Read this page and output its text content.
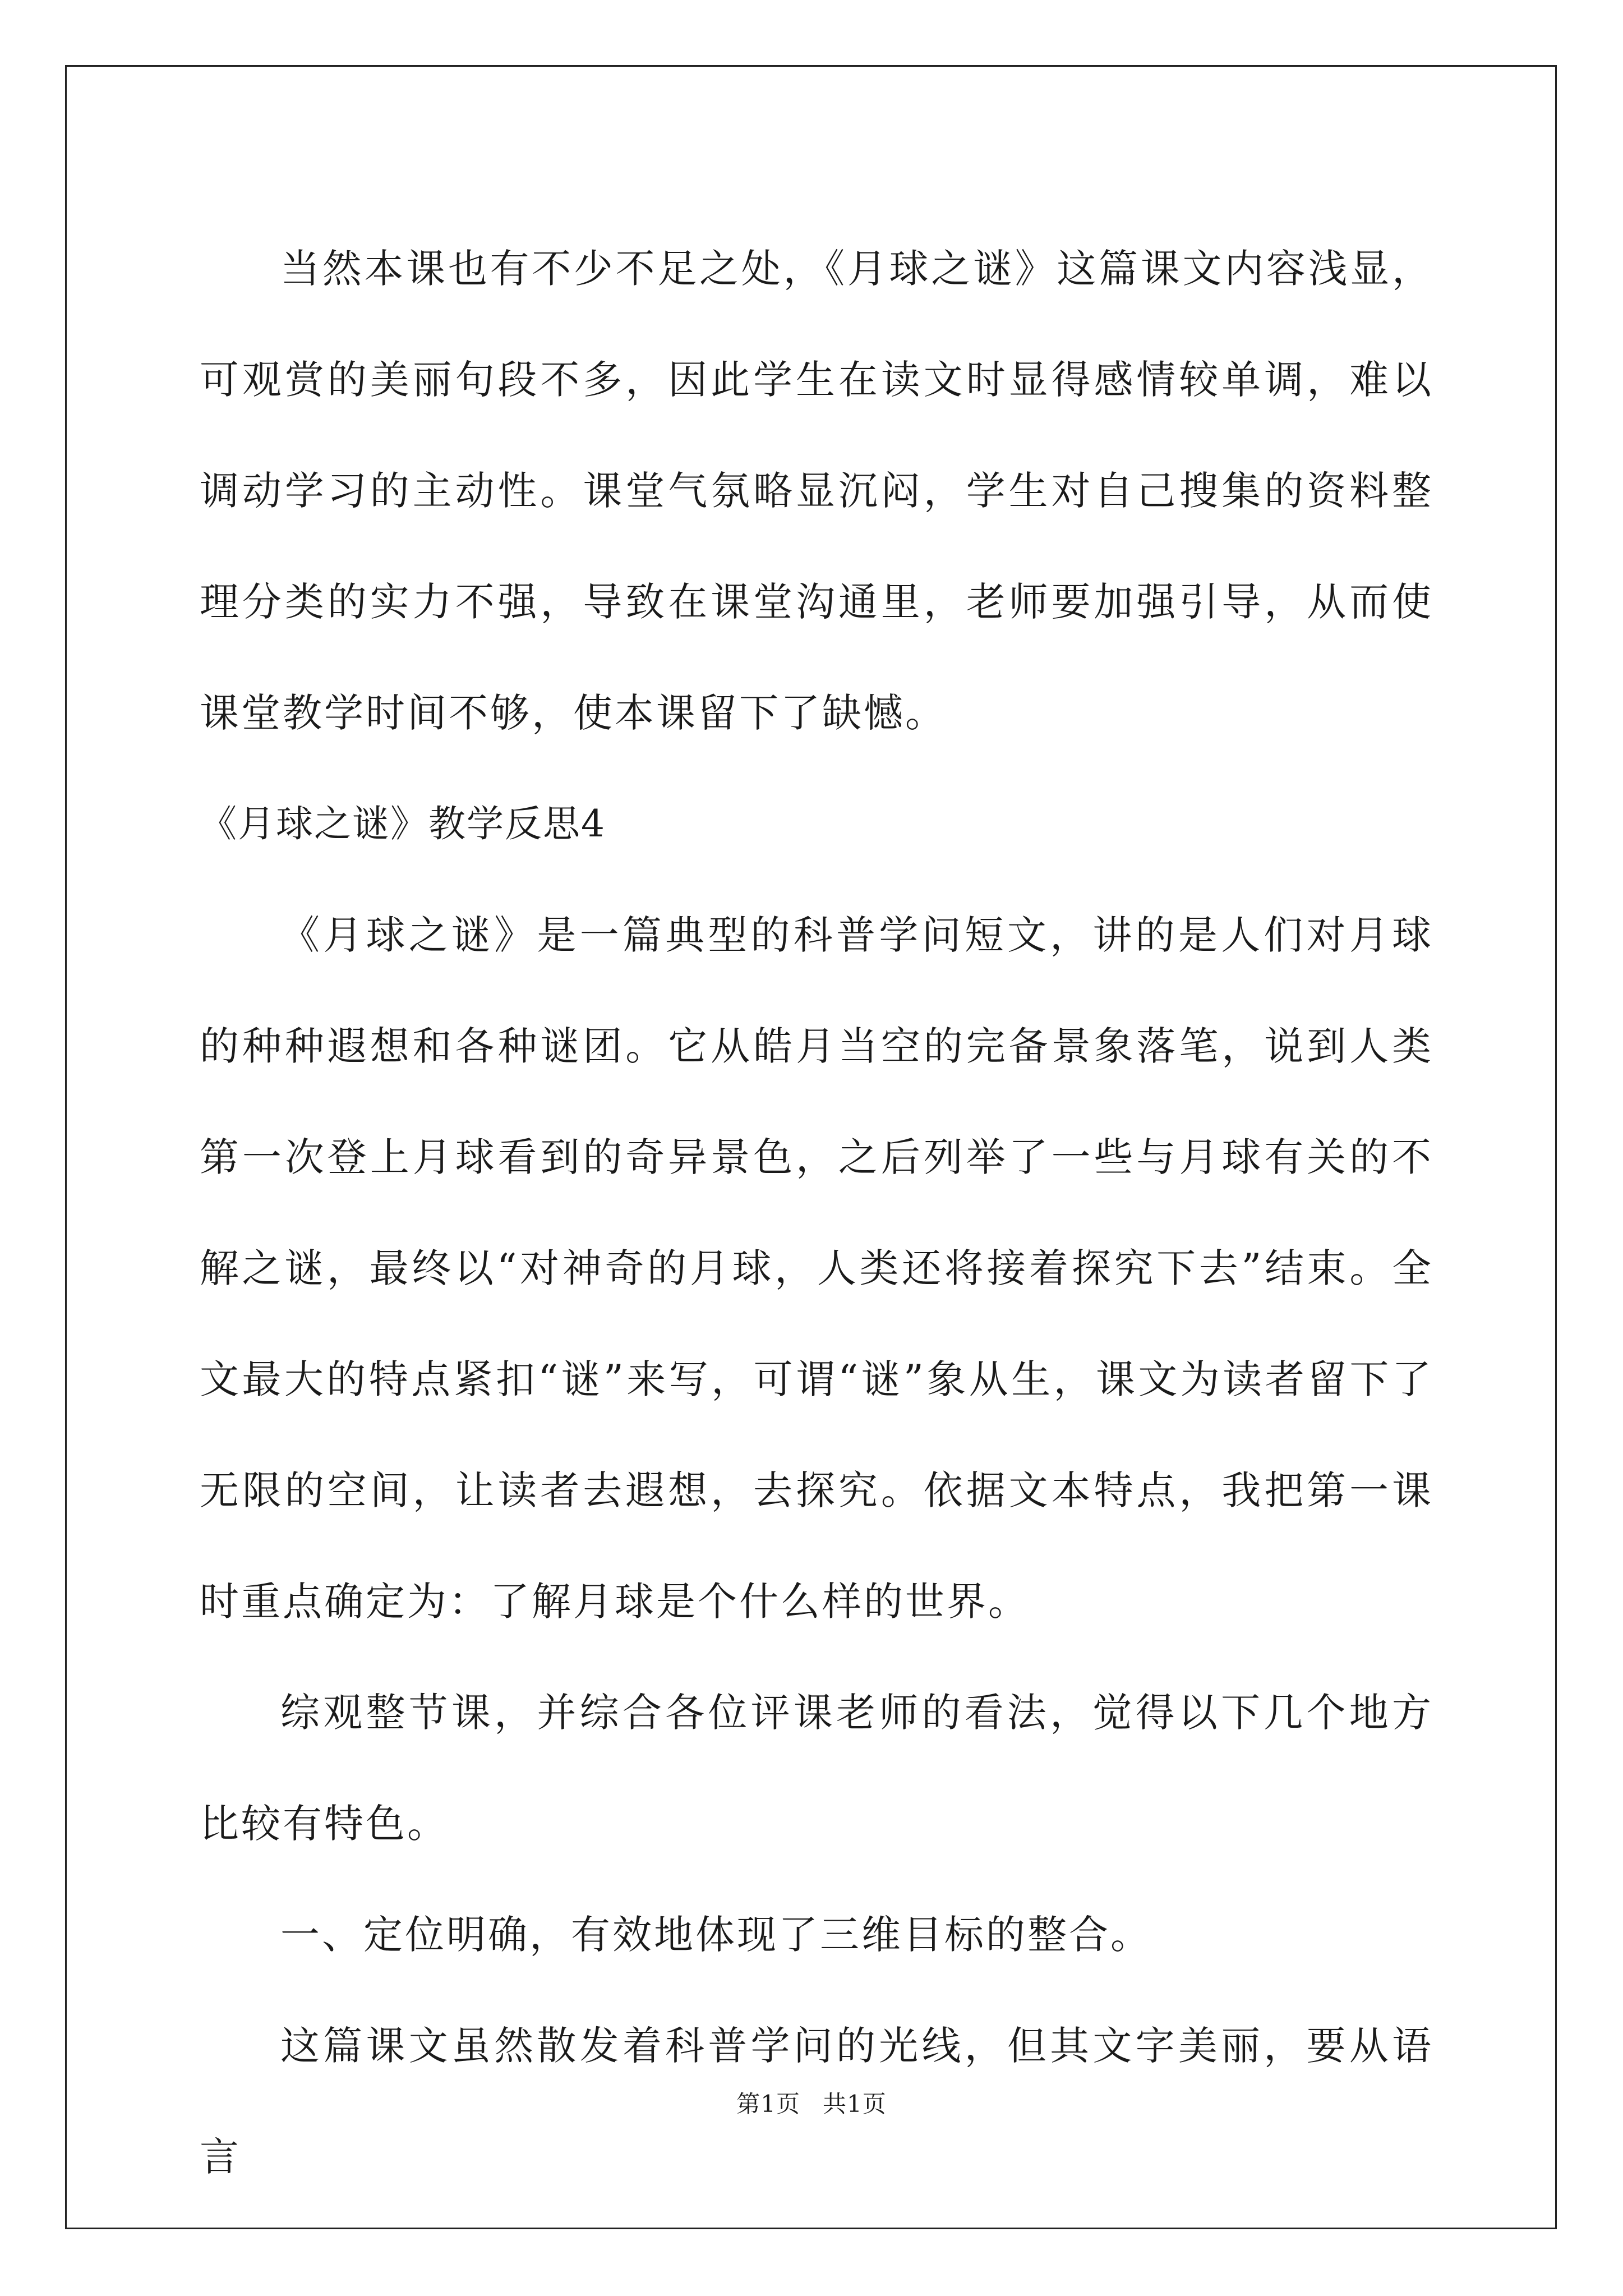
当然本课也有不少不足之处，《月球之谜》这篇课文内容浅显，可观赏的美丽句段不多，因此学生在读文时显得感情较单调，难以调动学习的主动性。课堂气氛略显沉闷，学生对自己搜集的资料整理分类的实力不强，导致在课堂沟通里，老师要加强引导，从而使课堂教学时间不够，使本课留下了缺憾。

《月球之谜》教学反思4

《月球之谜》是一篇典型的科普学问短文，讲的是人们对月球的种种遐想和各种谜团。它从皓月当空的完备景象落笔，说到人类第一次登上月球看到的奇异景色，之后列举了一些与月球有关的不解之谜，最终以“对神奇的月球，人类还将接着探究下去”结束。全文最大的特点紧扣“谜”来写，可谓“谜”象从生，课文为读者留下了无限的空间，让读者去遐想，去探究。依据文本特点，我把第一课时重点确定为：了解月球是个什么样的世界。

综观整节课，并综合各位评课老师的看法，觉得以下几个地方比较有特色。

一、定位明确，有效地体现了三维目标的整合。

这篇课文虽然散发着科普学问的光线，但其文字美丽，要从语言

第1页 共1页
